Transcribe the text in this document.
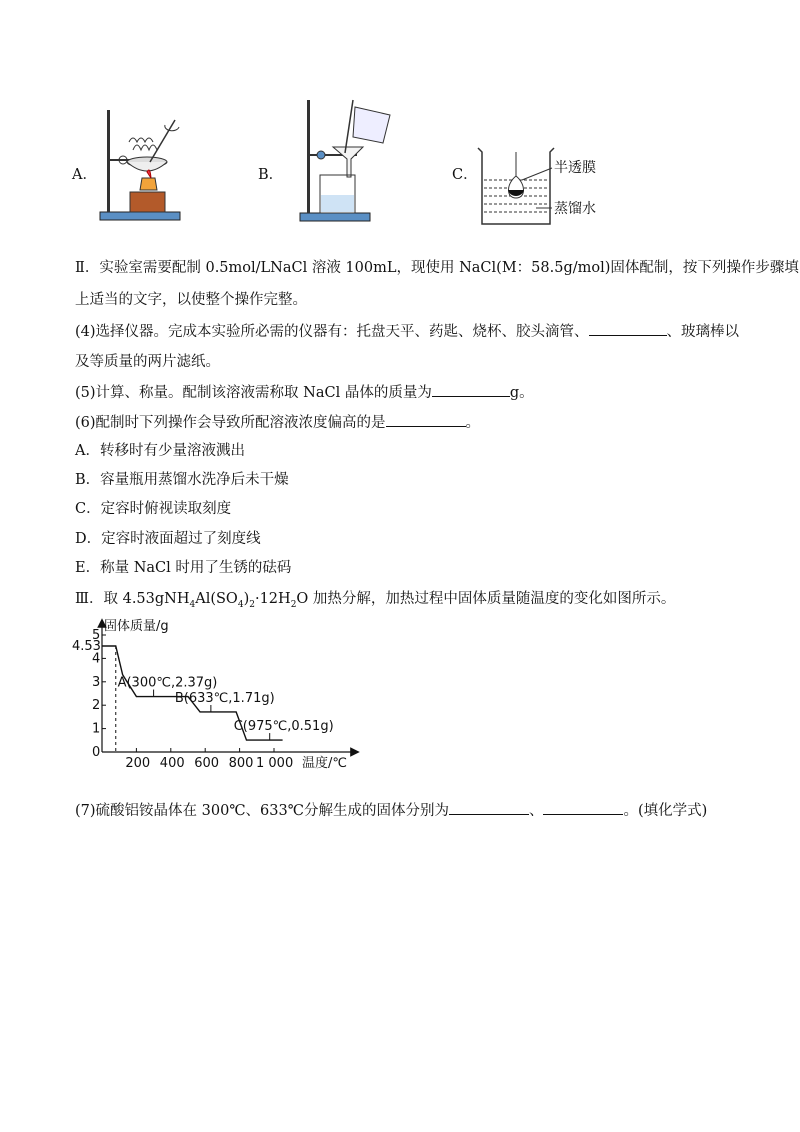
A．	B．	C．	半透膜
蒸馏水
Ⅱ．实验室需要配制 0.5mol/LNaCl 溶液 100mL，现使用 NaCl(M：58.5g/mol)固体配制，按下列操作步骤填
上适当的文字，以使整个操作完整。
(4)选择仪器。完成本实验所必需的仪器有：托盘天平、药匙、烧杯、胶头滴管、	、玻璃棒以
及等质量的两片滤纸。
(5)计算、称量。配制该溶液需称取 NaCl 晶体的质量为	g。
(6)配制时下列操作会导致所配溶液浓度偏高的是	。
A．转移时有少量溶液溅出
B．容量瓶用蒸馏水洗净后未干燥
C．定容时俯视读取刻度
D．定容时液面超过了刻度线
E．称量 NaCl 时用了生锈的砝码
Ⅲ．取 $4.53gNH_4Al(SO_4)_2\cdot 12H_2O$ 加热分解，加热过程中固体质量随温度的变化如图所示。
固体质量/g
温度/℃
0
1
2
3
4
4.53
5
200 400 600 800 1 000
A(300℃,2.37g)
B(633℃,1.71g)
C(975℃,0.51g)
(7)硫酸铝铵晶体在 300℃、633℃分解生成的固体分别为	、	。(填化学式)
